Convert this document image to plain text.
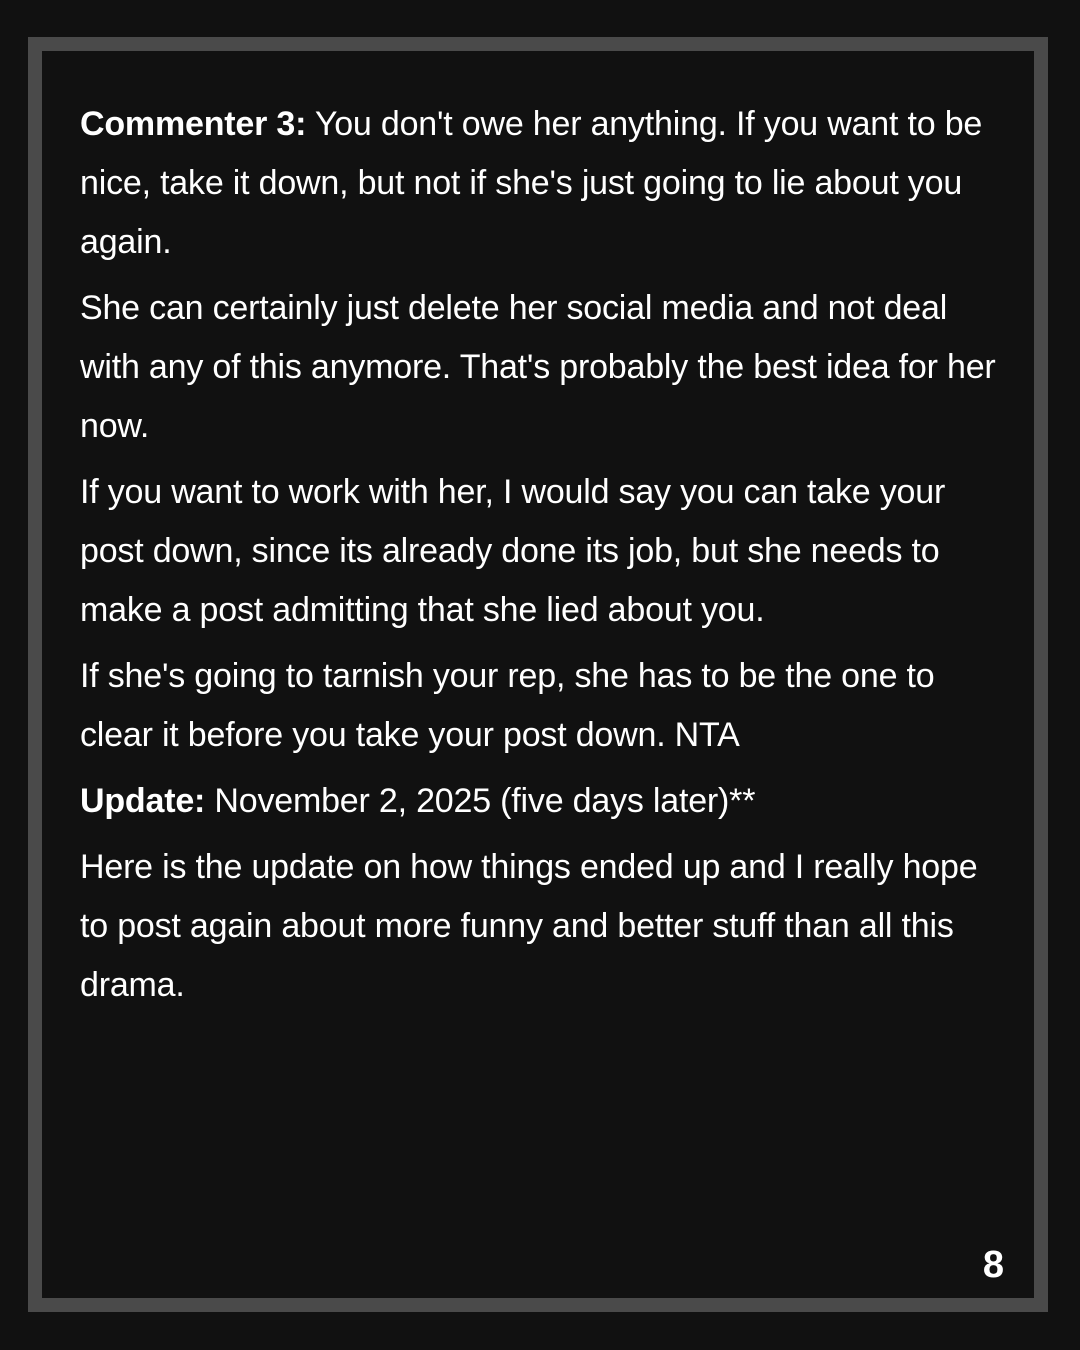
Commenter 3: You don't owe her anything. If you want to be nice, take it down, but not if she's just going to lie about you again.

She can certainly just delete her social media and not deal with any of this anymore. That's probably the best idea for her now.

If you want to work with her, I would say you can take your post down, since its already done its job, but she needs to make a post admitting that she lied about you.

If she's going to tarnish your rep, she has to be the one to clear it before you take your post down. NTA

Update: November 2, 2025 (five days later)**

Here is the update on how things ended up and I really hope to post again about more funny and better stuff than all this drama.

8
